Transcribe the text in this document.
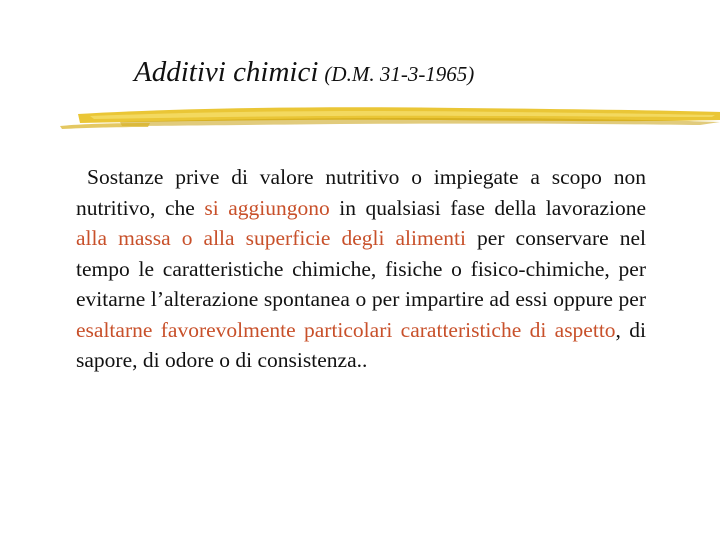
Additivi chimici (D.M. 31-3-1965)
Sostanze prive di valore nutritivo o impiegate a scopo non nutritivo, che si aggiungono in qualsiasi fase della lavorazione alla massa o alla superficie degli alimenti per conservare nel tempo le caratteristiche chimiche, fisiche o fisico-chimiche, per evitarne l’alterazione spontanea o per impartire ad essi oppure per esaltarne favorevolmente particolari caratteristiche di aspetto, di sapore, di odore o di consistenza..
